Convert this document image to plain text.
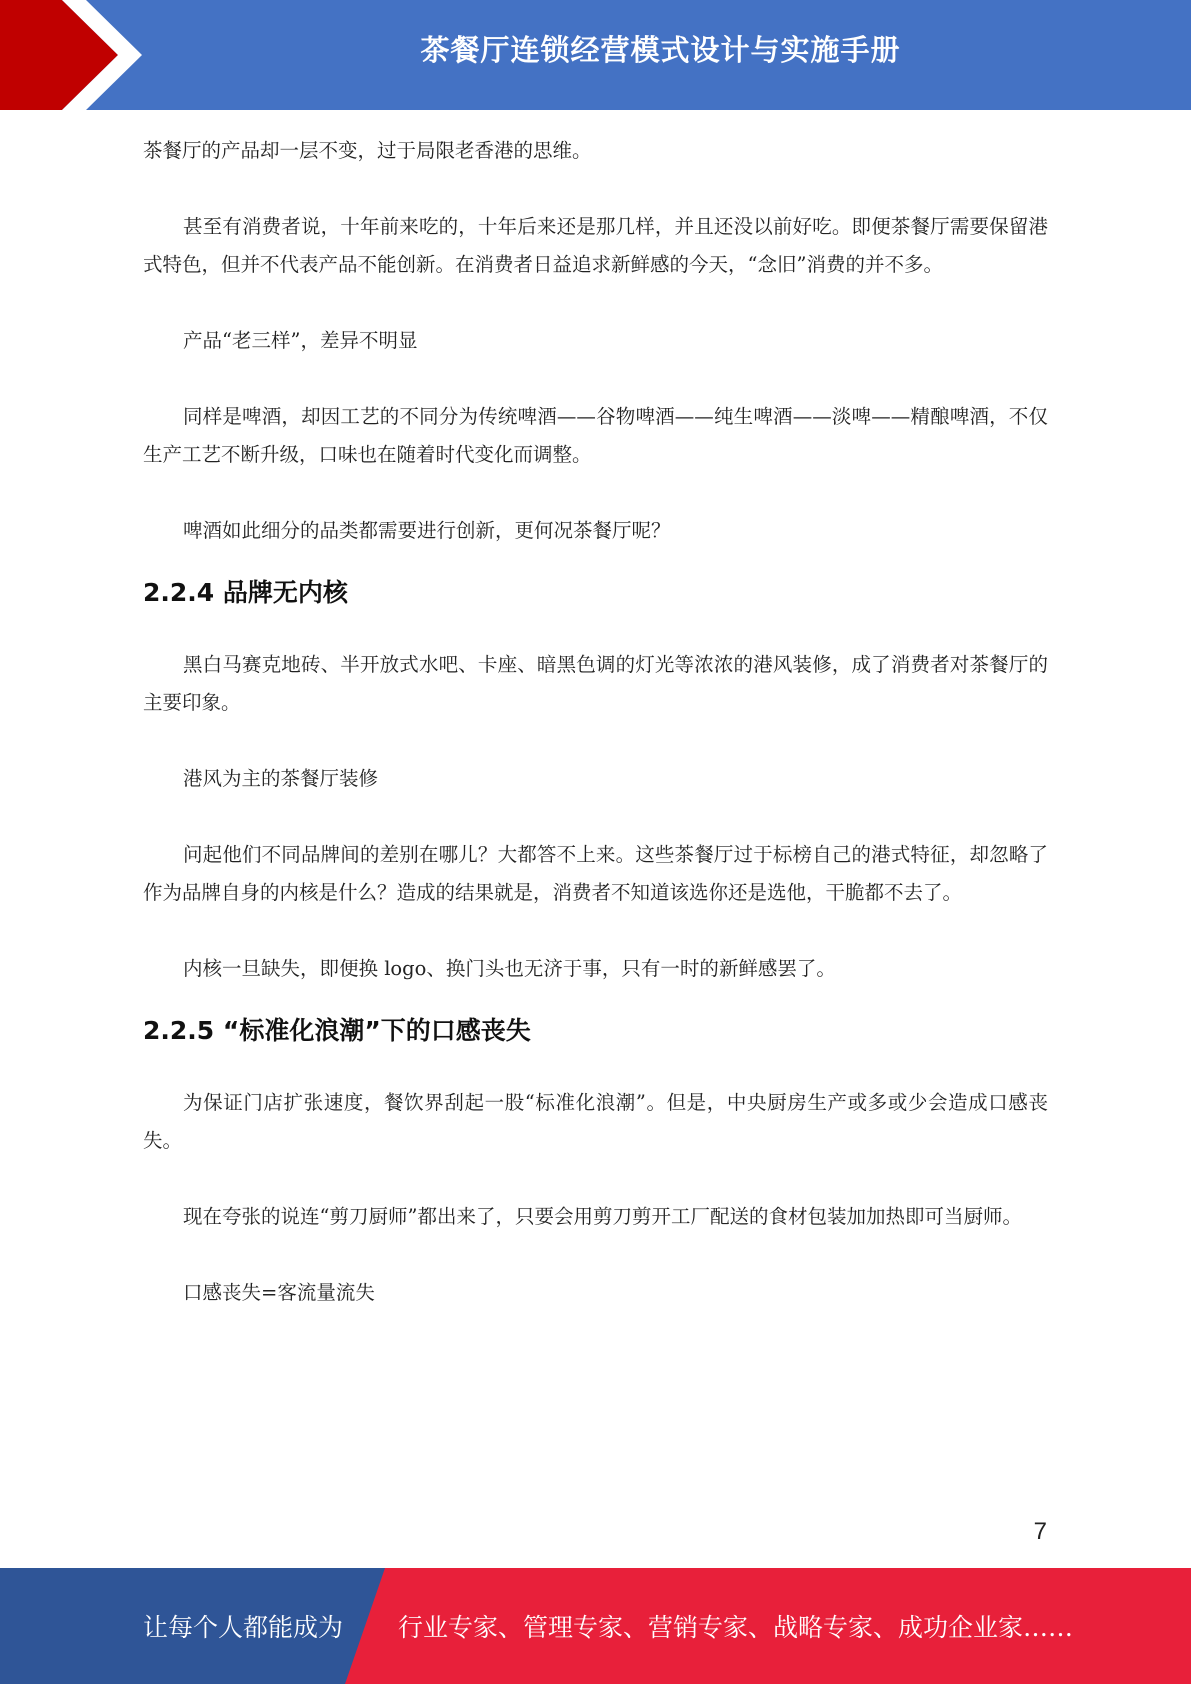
茶餐厅连锁经营模式设计与实施手册

茶餐厅的产品却一层不变，过于局限老香港的思维。

甚至有消费者说，十年前来吃的，十年后来还是那几样，并且还没以前好吃。即便茶餐厅需要保留港式特色，但并不代表产品不能创新。在消费者日益追求新鲜感的今天，“念旧”消费的并不多。

产品“老三样”，差异不明显

同样是啤酒，却因工艺的不同分为传统啤酒——谷物啤酒——纯生啤酒——淡啤——精酿啤酒，不仅生产工艺不断升级，口味也在随着时代变化而调整。

啤酒如此细分的品类都需要进行创新，更何况茶餐厅呢？

2.2.4 品牌无内核

黑白马赛克地砖、半开放式水吧、卡座、暗黑色调的灯光等浓浓的港风装修，成了消费者对茶餐厅的主要印象。

港风为主的茶餐厅装修

问起他们不同品牌间的差别在哪儿？大都答不上来。这些茶餐厅过于标榜自己的港式特征，却忽略了作为品牌自身的内核是什么？造成的结果就是，消费者不知道该选你还是选他，干脆都不去了。

内核一旦缺失，即便换 logo、换门头也无济于事，只有一时的新鲜感罢了。

2.2.5 “标准化浪潮”下的口感丧失

为保证门店扩张速度，餐饮界刮起一股“标准化浪潮”。但是，中央厨房生产或多或少会造成口感丧失。

现在夸张的说连“剪刀厨师”都出来了，只要会用剪刀剪开工厂配送的食材包装加加热即可当厨师。

口感丧失=客流量流失

7
让每个人都能成为 行业专家、管理专家、营销专家、战略专家、成功企业家……
